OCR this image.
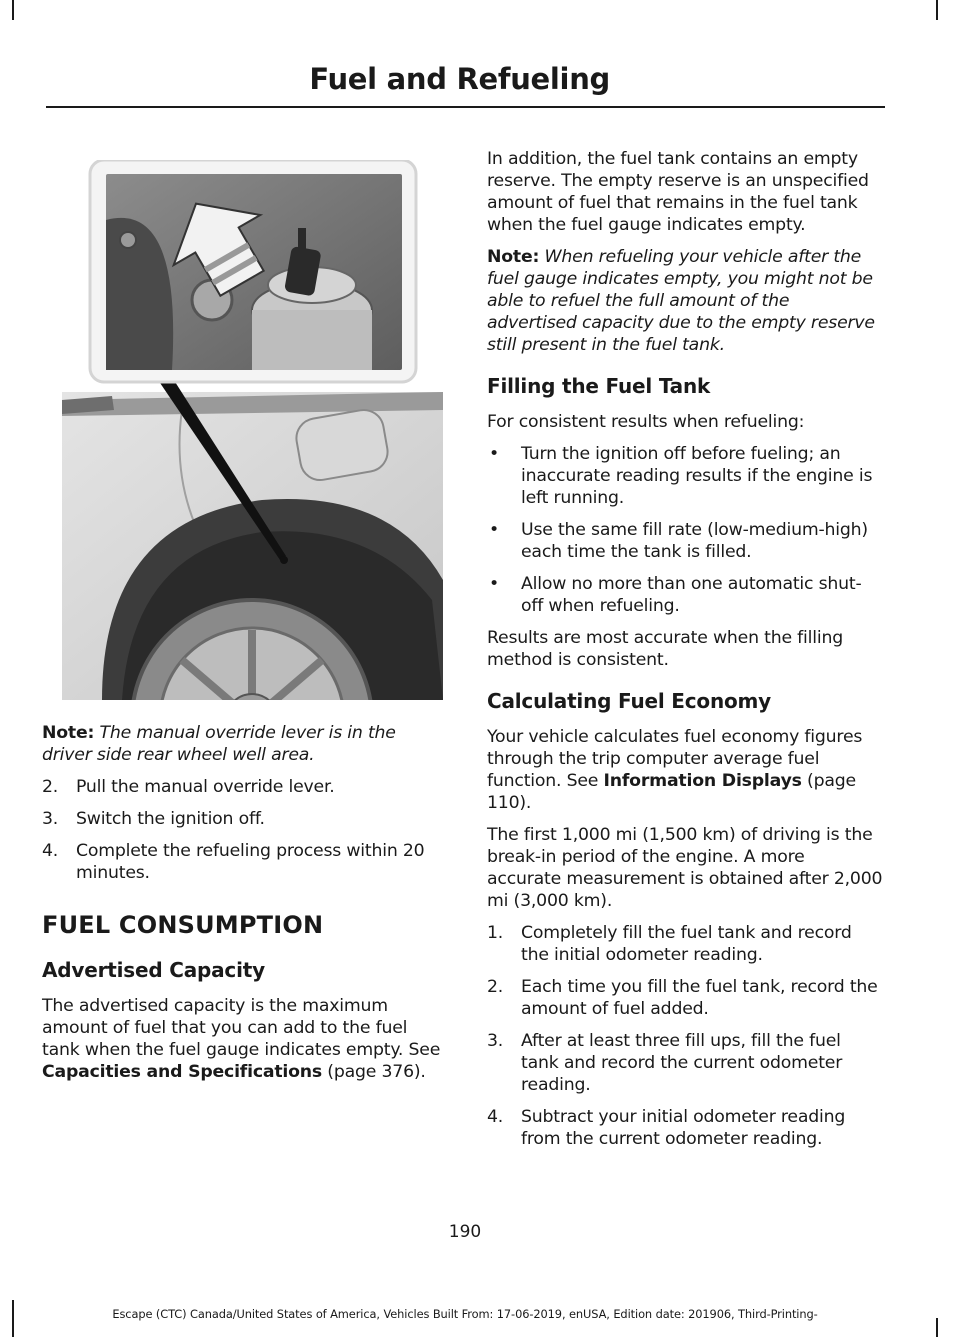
Fuel and Refueling

Note: The manual override lever is in the driver side rear wheel well area.

2. Pull the manual override lever.
3. Switch the ignition off.
4. Complete the refueling process within 20 minutes.
FUEL CONSUMPTION
Advertised Capacity

The advertised capacity is the maximum amount of fuel that you can add to the fuel tank when the fuel gauge indicates empty. See Capacities and Specifications (page 376).

In addition, the fuel tank contains an empty reserve. The empty reserve is an unspecified amount of fuel that remains in the fuel tank when the fuel gauge indicates empty.

Note: When refueling your vehicle after the fuel gauge indicates empty, you might not be able to refuel the full amount of the advertised capacity due to the empty reserve still present in the fuel tank.

Filling the Fuel Tank

For consistent results when refueling:

• Turn the ignition off before fueling; an inaccurate reading results if the engine is left running.
• Use the same fill rate (low-medium-high) each time the tank is filled.
• Allow no more than one automatic shut-off when refueling.

Results are most accurate when the filling method is consistent.

Calculating Fuel Economy

Your vehicle calculates fuel economy figures through the trip computer average fuel function. See Information Displays (page 110).

The first 1,000 mi (1,500 km) of driving is the break-in period of the engine. A more accurate measurement is obtained after 2,000 mi (3,000 km).

1. Completely fill the fuel tank and record the initial odometer reading.
2. Each time you fill the fuel tank, record the amount of fuel added.
3. After at least three fill ups, fill the fuel tank and record the current odometer reading.
4. Subtract your initial odometer reading from the current odometer reading.
190
Escape (CTC) Canada/United States of America, Vehicles Built From: 17-06-2019, enUSA, Edition date: 201906, Third-Printing-
